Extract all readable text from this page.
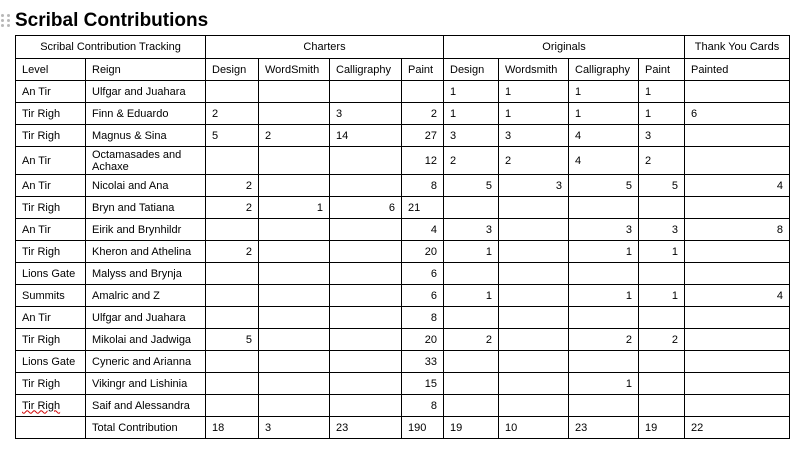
Scribal Contributions
Scribal Contribution Tracking		Charters				Originals				Thank You Cards
Level	Reign	Design	WordSmith	Calligraphy	Paint	Design	Wordsmith	Calligraphy	Paint	Painted
An Tir	Ulfgar and Juahara					1	1	1	1	
Tir Righ	Finn & Eduardo	2		3	2	1	1	1	1	6
Tir Righ	Magnus & Sina	5	2	14	27	3	3	4	3	
An Tir	Octamasades and Achaxe				12	2	2	4	2	
An Tir	Nicolai and Ana	2			8	5	3	5	5	4
Tir Righ	Bryn and Tatiana	2	1	6	21					
An Tir	Eirik and Brynhildr				4	3		3	3	8
Tir Righ	Kheron and Athelina	2			20	1		1	1	
Lions Gate	Malyss and Brynja				6					
Summits	Amalric and Z				6	1		1	1	4
An Tir	Ulfgar and Juahara				8					
Tir Righ	Mikolai and Jadwiga	5			20	2		2	2	
Lions Gate	Cyneric and Arianna				33					
Tir Righ	Vikingr and Lishinia				15			1		
Tir Righ	Saif and Alessandra				8					
	Total Contribution	18	3	23	190	19	10	23	19	22
